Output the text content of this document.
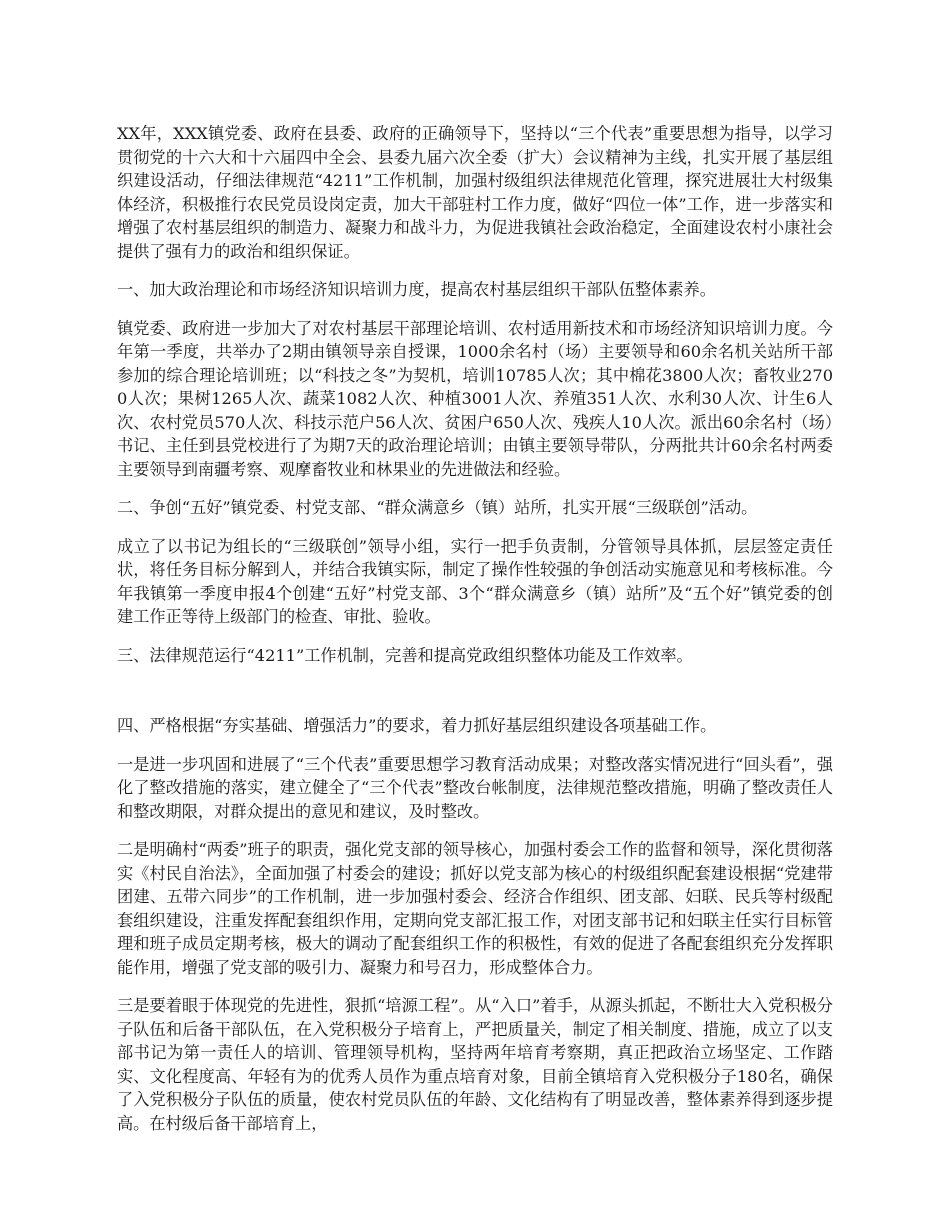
XX年，XXX镇党委、政府在县委、政府的正确领导下，坚持以“三个代表”重要思想为指导，以学习贯彻党的十六大和十六届四中全会、县委九届六次全委（扩大）会议精神为主线，扎实开展了基层组织建设活动，仔细法律规范“4211”工作机制，加强村级组织法律规范化管理，探究进展壮大村级集体经济，积极推行农民党员设岗定责，加大干部驻村工作力度，做好“四位一体”工作，进一步落实和增强了农村基层组织的制造力、凝聚力和战斗力，为促进我镇社会政治稳定，全面建设农村小康社会提供了强有力的政治和组织保证。

一、加大政治理论和市场经济知识培训力度，提高农村基层组织干部队伍整体素养。

镇党委、政府进一步加大了对农村基层干部理论培训、农村适用新技术和市场经济知识培训力度。今年第一季度，共举办了2期由镇领导亲自授课，1000余名村（场）主要领导和60余名机关站所干部参加的综合理论培训班；以“科技之冬”为契机，培训10785人次；其中棉花3800人次；畜牧业2700人次；果树1265人次、蔬菜1082人次、种植3001人次、养殖351人次、水利30人次、计生6人次、农村党员570人次、科技示范户56人次、贫困户650人次、残疾人10人次。派出60余名村（场）书记、主任到县党校进行了为期7天的政治理论培训；由镇主要领导带队，分两批共计60余名村两委主要领导到南疆考察、观摩畜牧业和林果业的先进做法和经验。

二、争创“五好”镇党委、村党支部、“群众满意乡（镇）站所，扎实开展“三级联创”活动。

成立了以书记为组长的“三级联创”领导小组，实行一把手负责制，分管领导具体抓，层层签定责任状，将任务目标分解到人，并结合我镇实际，制定了操作性较强的争创活动实施意见和考核标准。今年我镇第一季度申报4个创建“五好”村党支部、3个“群众满意乡（镇）站所”及“五个好”镇党委的创建工作正等待上级部门的检查、审批、验收。

三、法律规范运行“4211”工作机制，完善和提高党政组织整体功能及工作效率。

四、严格根据“夯实基础、增强活力”的要求，着力抓好基层组织建设各项基础工作。

一是进一步巩固和进展了“三个代表”重要思想学习教育活动成果；对整改落实情况进行“回头看”，强化了整改措施的落实，建立健全了“三个代表”整改台帐制度，法律规范整改措施，明确了整改责任人和整改期限，对群众提出的意见和建议，及时整改。

二是明确村“两委”班子的职责，强化党支部的领导核心，加强村委会工作的监督和领导，深化贯彻落实《村民自治法》，全面加强了村委会的建设；抓好以党支部为核心的村级组织配套建设根据“党建带团建、五带六同步”的工作机制，进一步加强村委会、经济合作组织、团支部、妇联、民兵等村级配套组织建设，注重发挥配套组织作用，定期向党支部汇报工作，对团支部书记和妇联主任实行目标管理和班子成员定期考核，极大的调动了配套组织工作的积极性，有效的促进了各配套组织充分发挥职能作用，增强了党支部的吸引力、凝聚力和号召力，形成整体合力。

三是要着眼于体现党的先进性，狠抓“培源工程”。从“入口”着手，从源头抓起，不断壮大入党积极分子队伍和后备干部队伍，在入党积极分子培育上，严把质量关，制定了相关制度、措施，成立了以支部书记为第一责任人的培训、管理领导机构，坚持两年培育考察期，真正把政治立场坚定、工作踏实、文化程度高、年轻有为的优秀人员作为重点培育对象，目前全镇培育入党积极分子180名，确保了入党积极分子队伍的质量，使农村党员队伍的年龄、文化结构有了明显改善，整体素养得到逐步提高。在村级后备干部培育上，
